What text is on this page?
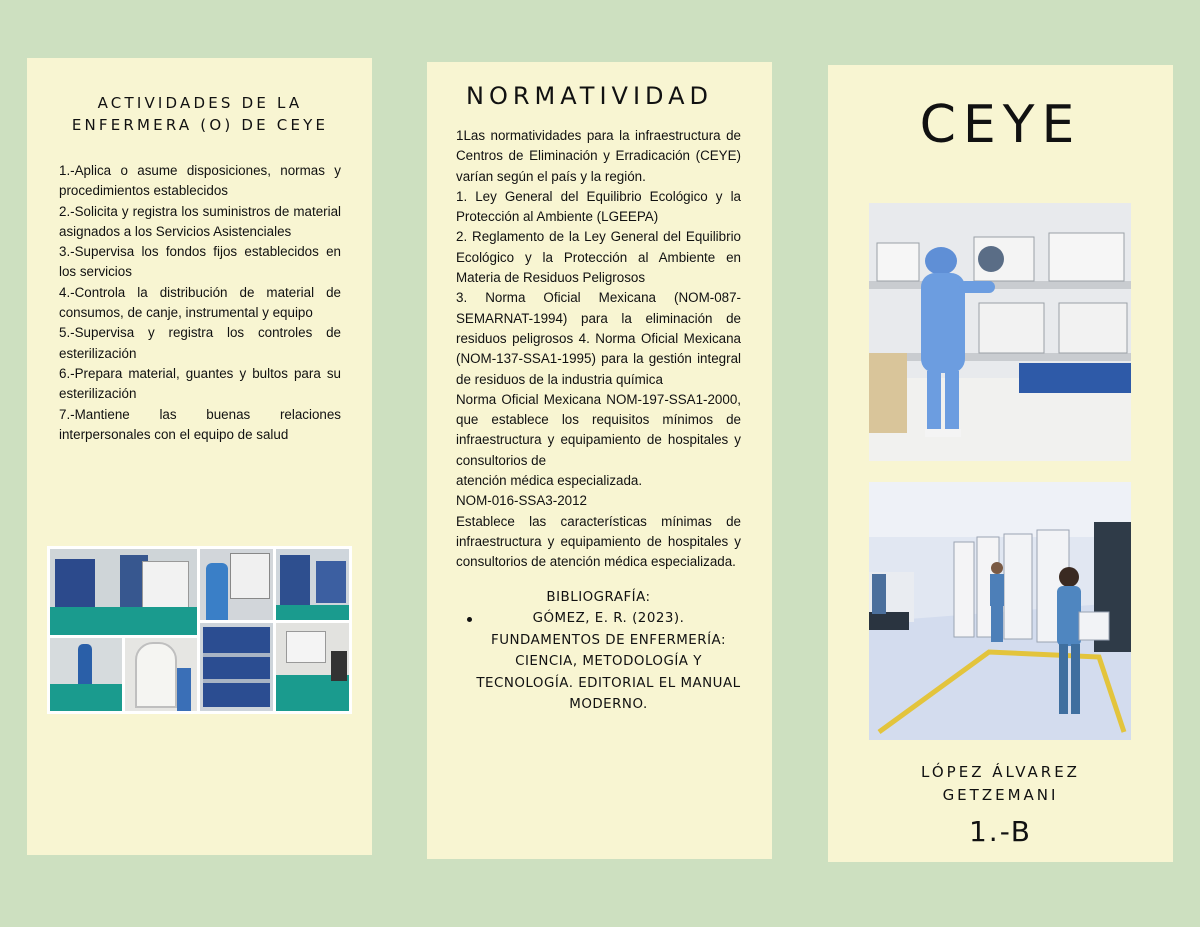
ACTIVIDADES DE LA
ENFERMERA (O) DE CEYE

1.-Aplica o asume disposiciones, normas y procedimientos establecidos

2.-Solicita y registra los suministros de material asignados a los Servicios Asistenciales

3.-Supervisa los fondos fijos establecidos en los servicios

4.-Controla la distribución de material de consumos, de canje, instrumental y equipo

5.-Supervisa y registra los controles de esterilización

6.-Prepara material, guantes y bultos para su esterilización

7.-Mantiene las buenas relaciones interpersonales con el equipo de salud

NORMATIVIDAD

1Las normatividades para la infraestructura de Centros de Eliminación y Erradicación (CEYE) varían según el país y la región.

1. Ley General del Equilibrio Ecológico y la Protección al Ambiente (LGEEPA)

2. Reglamento de la Ley General del Equilibrio Ecológico y la Protección al Ambiente en Materia de Residuos Peligrosos

3. Norma Oficial Mexicana (NOM-087-SEMARNAT-1994) para la eliminación de residuos peligrosos 4. Norma Oficial Mexicana (NOM-137-SSA1-1995) para la gestión integral de residuos de la industria química

Norma Oficial Mexicana NOM-197-SSA1-2000, que establece los requisitos mínimos de infraestructura y equipamiento de hospitales y consultorios de

atención médica especializada.

NOM-016-SSA3-2012

Establece las características mínimas de infraestructura y equipamiento de hospitales y consultorios de atención médica especializada.

BIBLIOGRAFÍA:
GÓMEZ, E. R. (2023). FUNDAMENTOS DE ENFERMERÍA: CIENCIA, METODOLOGÍA Y TECNOLOGÍA. EDITORIAL EL MANUAL MODERNO.
CEYE
LÓPEZ ÁLVAREZ
GETZEMANI
1.-B
